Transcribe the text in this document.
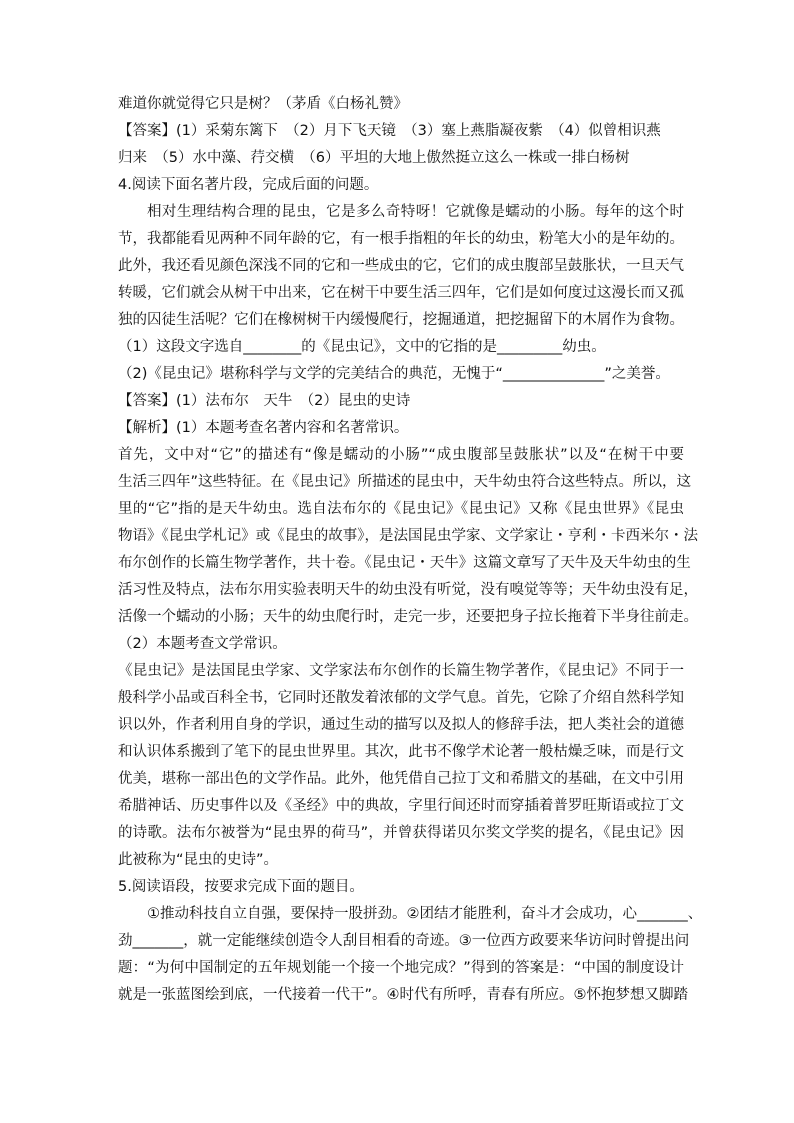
难道你就觉得它只是树？（茅盾《白杨礼赞》
【答案】(1）采菊东篱下　（2）月下飞天镜　（3）塞上燕脂凝夜紫　（4）似曾相识燕
归来　（5）水中藻、荇交横　（6）平坦的大地上傲然挺立这么一株或一排白杨树
4.阅读下面名著片段，完成后面的问题。
相对生理结构合理的昆虫，它是多么奇特呀！它就像是蠕动的小肠。每年的这个时
节，我都能看见两种不同年龄的它，有一根手指粗的年长的幼虫，粉笔大小的是年幼的。
此外，我还看见颜色深浅不同的它和一些成虫的它，它们的成虫腹部呈鼓胀状，一旦天气
转暖，它们就会从树干中出来，它在树干中要生活三四年，它们是如何度过这漫长而又孤
独的囚徒生活呢？它们在橡树树干内缓慢爬行，挖掘通道，把挖掘留下的木屑作为食物。
（1）这段文字选自________的《昆虫记》，文中的它指的是_________幼虫。
（2)《昆虫记》堪称科学与文学的完美结合的典范，无愧于“______________”之美誉。
【答案】(1）法布尔　天牛　（2）昆虫的史诗
【解析】(1）本题考查名著内容和名著常识。
首先，文中对“它”的描述有“像是蠕动的小肠”“成虫腹部呈鼓胀状”以及“在树干中要
生活三四年”这些特征。在《昆虫记》所描述的昆虫中，天牛幼虫符合这些特点。所以，这
里的“它”指的是天牛幼虫。选自法布尔的《昆虫记》《昆虫记》又称《昆虫世界》《昆虫
物语》《昆虫学札记》或《昆虫的故事》，是法国昆虫学家、文学家让・亨利・卡西米尔・法
布尔创作的长篇生物学著作，共十卷。《昆虫记・天牛》这篇文章写了天牛及天牛幼虫的生
活习性及特点，法布尔用实验表明天牛的幼虫没有听觉，没有嗅觉等等；天牛幼虫没有足，
活像一个蠕动的小肠；天牛的幼虫爬行时，走完一步，还要把身子拉长拖着下半身往前走。
（2）本题考查文学常识。
《昆虫记》是法国昆虫学家、文学家法布尔创作的长篇生物学著作，《昆虫记》不同于一
般科学小品或百科全书，它同时还散发着浓郁的文学气息。首先，它除了介绍自然科学知
识以外，作者利用自身的学识，通过生动的描写以及拟人的修辞手法，把人类社会的道德
和认识体系搬到了笔下的昆虫世界里。其次，此书不像学术论著一般枯燥乏味，而是行文
优美，堪称一部出色的文学作品。此外，他凭借自己拉丁文和希腊文的基础，在文中引用
希腊神话、历史事件以及《圣经》中的典故，字里行间还时而穿插着普罗旺斯语或拉丁文
的诗歌。法布尔被誉为“昆虫界的荷马”，并曾获得诺贝尔奖文学奖的提名，《昆虫记》因
此被称为“昆虫的史诗”。
5.阅读语段，按要求完成下面的题目。
①推动科技自立自强，要保持一股拼劲。②团结才能胜利，奋斗才会成功，心_______、
劲_______，就一定能继续创造令人刮目相看的奇迹。③一位西方政要来华访问时曾提出问
题：“为何中国制定的五年规划能一个接一个地完成？”得到的答案是：“中国的制度设计
就是一张蓝图绘到底，一代接着一代干”。④时代有所呼，青春有所应。⑤怀抱梦想又脚踏
